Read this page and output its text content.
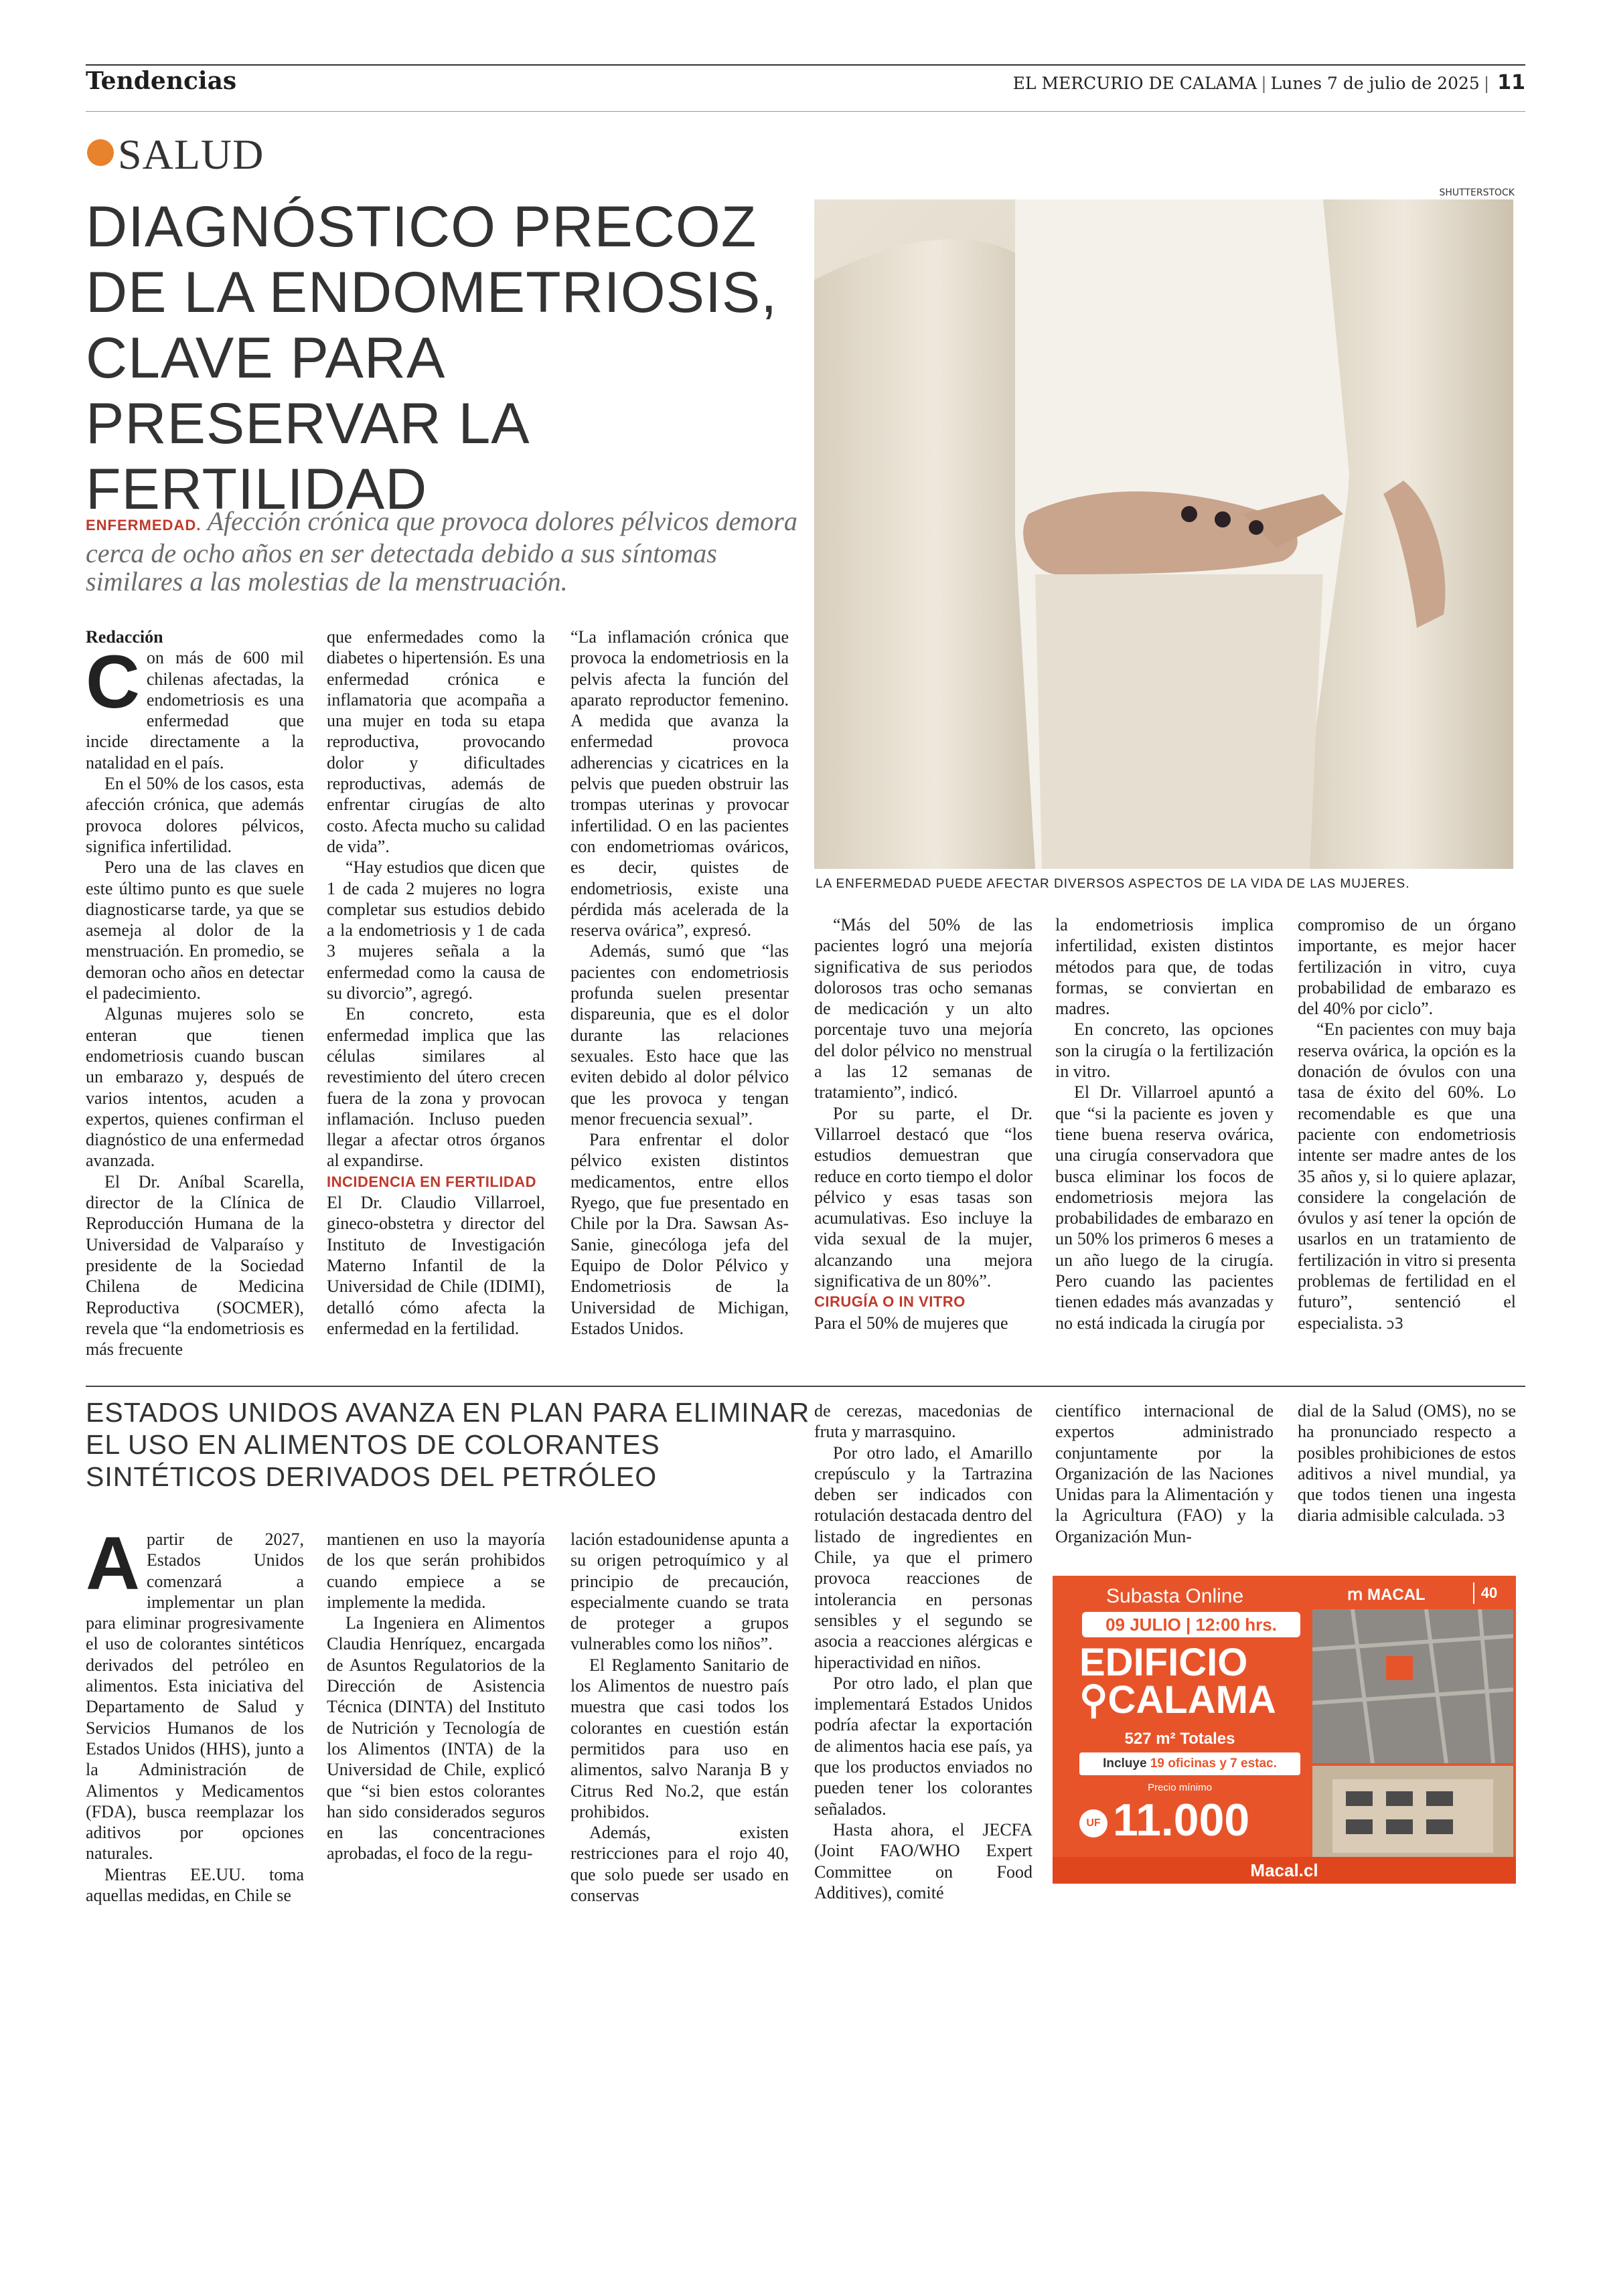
Tendencias	EL MERCURIO DE CALAMA | Lunes 7 de julio de 2025 | 11
SALUD
DIAGNÓSTICO PRECOZ DE LA ENDOMETRIOSIS, CLAVE PARA PRESERVAR LA FERTILIDAD
ENFERMEDAD. Afección crónica que provoca dolores pélvicos demora cerca de ocho años en ser detectada debido a sus síntomas similares a las molestias de la menstruación.
SHUTTERSTOCK
LA ENFERMEDAD PUEDE AFECTAR DIVERSOS ASPECTOS DE LA VIDA DE LAS MUJERES.

Redacción

Con más de 600 mil chilenas afectadas, la endometriosis es una enfermedad que incide directamente a la natalidad en el país.

En el 50% de los casos, esta afección crónica, que además provoca dolores pélvicos, significa infertilidad.

Pero una de las claves en este último punto es que suele diagnosticarse tarde, ya que se asemeja al dolor de la menstruación. En promedio, se demoran ocho años en detectar el padecimiento.

Algunas mujeres solo se enteran que tienen endometriosis cuando buscan un embarazo y, después de varios intentos, acuden a expertos, quienes confirman el diagnóstico de una enfermedad avanzada.

El Dr. Aníbal Scarella, director de la Clínica de Reproducción Humana de la Universidad de Valparaíso y presidente de la Sociedad Chilena de Medicina Reproductiva (SOCMER), revela que “la endometriosis es más frecuente

que enfermedades como la diabetes o hipertensión. Es una enfermedad crónica e inflamatoria que acompaña a una mujer en toda su etapa reproductiva, provocando dolor y dificultades reproductivas, además de enfrentar cirugías de alto costo. Afecta mucho su calidad de vida”.

“Hay estudios que dicen que 1 de cada 2 mujeres no logra completar sus estudios debido a la endometriosis y 1 de cada 3 mujeres señala a la enfermedad como la causa de su divorcio”, agregó.

En concreto, esta enfermedad implica que las células similares al revestimiento del útero crecen fuera de la zona y provocan inflamación. Incluso pueden llegar a afectar otros órganos al expandirse.

INCIDENCIA EN FERTILIDAD

El Dr. Claudio Villarroel, gineco-obstetra y director del Instituto de Investigación Materno Infantil de la Universidad de Chile (IDIMI), detalló cómo afecta la enfermedad en la fertilidad.

“La inflamación crónica que provoca la endometriosis en la pelvis afecta la función del aparato reproductor femenino. A medida que avanza la enfermedad provoca adherencias y cicatrices en la pelvis que pueden obstruir las trompas uterinas y provocar infertilidad. O en las pacientes con endometriomas ováricos, es decir, quistes de endometriosis, existe una pérdida más acelerada de la reserva ovárica”, expresó.

Además, sumó que “las pacientes con endometriosis profunda suelen presentar dispareunia, que es el dolor durante las relaciones sexuales. Esto hace que las eviten debido al dolor pélvico que les provoca y tengan menor frecuencia sexual”.

Para enfrentar el dolor pélvico existen distintos medicamentos, entre ellos Ryego, que fue presentado en Chile por la Dra. Sawsan As-Sanie, ginecóloga jefa del Equipo de Dolor Pélvico y Endometriosis de la Universidad de Michigan, Estados Unidos.

“Más del 50% de las pacientes logró una mejoría significativa de sus periodos dolorosos tras ocho semanas de medicación y un alto porcentaje tuvo una mejoría del dolor pélvico no menstrual a las 12 semanas de tratamiento”, indicó.

Por su parte, el Dr. Villarroel destacó que “los estudios demuestran que reduce en corto tiempo el dolor pélvico y esas tasas son acumulativas. Eso incluye la vida sexual de la mujer, alcanzando una mejora significativa de un 80%”.

CIRUGÍA O IN VITRO

Para el 50% de mujeres que

la endometriosis implica infertilidad, existen distintos métodos para que, de todas formas, se conviertan en madres.

En concreto, las opciones son la cirugía o la fertilización in vitro.

El Dr. Villarroel apuntó a que “si la paciente es joven y tiene buena reserva ovárica, una cirugía conservadora que busca eliminar los focos de endometriosis mejora las probabilidades de embarazo en un 50% los primeros 6 meses a un año luego de la cirugía. Pero cuando las pacientes tienen edades más avanzadas y no está indicada la cirugía por

compromiso de un órgano importante, es mejor hacer fertilización in vitro, cuya probabilidad de embarazo es del 40% por ciclo”.

“En pacientes con muy baja reserva ovárica, la opción es la donación de óvulos con una tasa de éxito del 60%. Lo recomendable es que una paciente con endometriosis intente ser madre antes de los 35 años y, si lo quiere aplazar, considere la congelación de óvulos y así tener la opción de usarlos en un tratamiento de fertilización in vitro si presenta problemas de fertilidad en el futuro”, sentenció el especialista. ↄ3

ESTADOS UNIDOS AVANZA EN PLAN PARA ELIMINAR EL USO EN ALIMENTOS DE COLORANTES SINTÉTICOS DERIVADOS DEL PETRÓLEO

Apartir de 2027, Estados Unidos comenzará a implementar un plan para eliminar progresivamente el uso de colorantes sintéticos derivados del petróleo en alimentos. Esta iniciativa del Departamento de Salud y Servicios Humanos de los Estados Unidos (HHS), junto a la Administración de Alimentos y Medicamentos (FDA), busca reemplazar los aditivos por opciones naturales.

Mientras EE.UU. toma aquellas medidas, en Chile se

mantienen en uso la mayoría de los que serán prohibidos cuando empiece a se implemente la medida.

La Ingeniera en Alimentos Claudia Henríquez, encargada de Asuntos Regulatorios de la Dirección de Asistencia Técnica (DINTA) del Instituto de Nutrición y Tecnología de los Alimentos (INTA) de la Universidad de Chile, explicó que “si bien estos colorantes han sido considerados seguros en las concentraciones aprobadas, el foco de la regu-

lación estadounidense apunta a su origen petroquímico y al principio de precaución, especialmente cuando se trata de proteger a grupos vulnerables como los niños”.

El Reglamento Sanitario de los Alimentos de nuestro país muestra que casi todos los colorantes en cuestión están permitidos para uso en alimentos, salvo Naranja B y Citrus Red No.2, que están prohibidos.

Además, existen restricciones para el rojo 40, que solo puede ser usado en conservas

de cerezas, macedonias de fruta y marrasquino.

Por otro lado, el Amarillo crepúsculo y la Tartrazina deben ser indicados con rotulación destacada dentro del listado de ingredientes en Chile, ya que el primero provoca reacciones de intolerancia en personas sensibles y el segundo se asocia a reacciones alérgicas e hiperactividad en niños.

Por otro lado, el plan que implementará Estados Unidos podría afectar la exportación de alimentos hacia ese país, ya que los productos enviados no pueden tener los colorantes señalados.

Hasta ahora, el JECFA (Joint FAO/WHO Expert Committee on Food Additives), comité

científico internacional de expertos administrado conjuntamente por la Organización de las Naciones Unidas para la Alimentación y la Agricultura (FAO) y la Organización Mun-

dial de la Salud (OMS), no se ha pronunciado respecto a posibles prohibiciones de estos aditivos a nivel mundial, ya que todos tienen una ingesta diaria admisible calculada. ↄ3

Subasta Online	ⅿ MACAL	40
09 JULIO | 12:00 hrs.
EDIFICIO
⚲CALAMA
527 m² Totales
Incluye 19 oficinas y 7 estac.
Precio mínimo
UF 11.000
Macal.cl
